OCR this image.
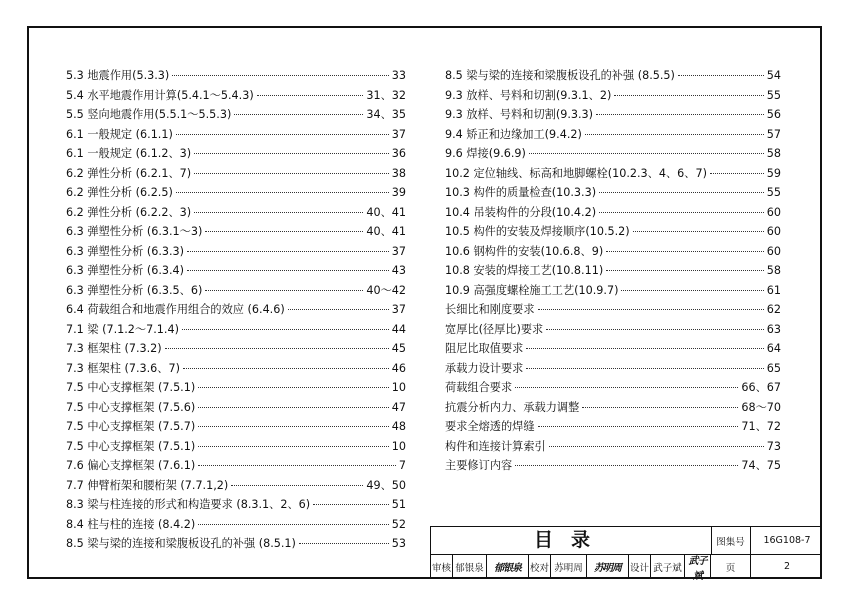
5.3 地震作用(5.3.3)	33
5.4 水平地震作用计算(5.4.1～5.4.3)	31、32
5.5 竖向地震作用(5.5.1～5.5.3)	34、35
6.1 一般规定 (6.1.1)	37
6.1 一般规定 (6.1.2、3)	36
6.2 弹性分析 (6.2.1、7)	38
6.2 弹性分析 (6.2.5)	39
6.2 弹性分析 (6.2.2、3)	40、41
6.3 弹塑性分析 (6.3.1～3)	40、41
6.3 弹塑性分析 (6.3.3)	37
6.3 弹塑性分析 (6.3.4)	43
6.3 弹塑性分析 (6.3.5、6)	40～42
6.4 荷载组合和地震作用组合的效应 (6.4.6)	37
7.1 梁 (7.1.2～7.1.4)	44
7.3 框架柱 (7.3.2)	45
7.3 框架柱 (7.3.6、7)	46
7.5 中心支撑框架 (7.5.1)	10
7.5 中心支撑框架 (7.5.6)	47
7.5 中心支撑框架 (7.5.7)	48
7.5 中心支撑框架 (7.5.1)	10
7.6 偏心支撑框架 (7.6.1)	7
7.7 伸臂桁架和腰桁架 (7.7.1,2)	49、50
8.3 梁与柱连接的形式和构造要求 (8.3.1、2、6)	51
8.4 柱与柱的连接 (8.4.2)	52
8.5 梁与梁的连接和梁腹板设孔的补强 (8.5.1)	53
8.5 梁与梁的连接和梁腹板设孔的补强 (8.5.5)	54
9.3 放样、号料和切割(9.3.1、2)	55
9.3 放样、号料和切割(9.3.3)	56
9.4 矫正和边缘加工(9.4.2)	57
9.6 焊接(9.6.9)	58
10.2 定位轴线、标高和地脚螺栓(10.2.3、4、6、7)	59
10.3 构件的质量检查(10.3.3)	55
10.4 吊装构件的分段(10.4.2)	60
10.5 构件的安装及焊接顺序(10.5.2)	60
10.6 钢构件的安装(10.6.8、9)	60
10.8 安装的焊接工艺(10.8.11)	58
10.9 高强度螺栓施工工艺(10.9.7)	61
长细比和刚度要求	62
宽厚比(径厚比)要求	63
阻尼比取值要求	64
承载力设计要求	65
荷载组合要求	66、67
抗震分析内力、承载力调整	68～70
要求全熔透的焊缝	71、72
构件和连接计算索引	73
主要修订内容	74、75
目录	图集号	16G108-7
审核 郁银泉	郁银泉 校对 苏明周	苏明周 设计 武子斌
武子斌
页	2
